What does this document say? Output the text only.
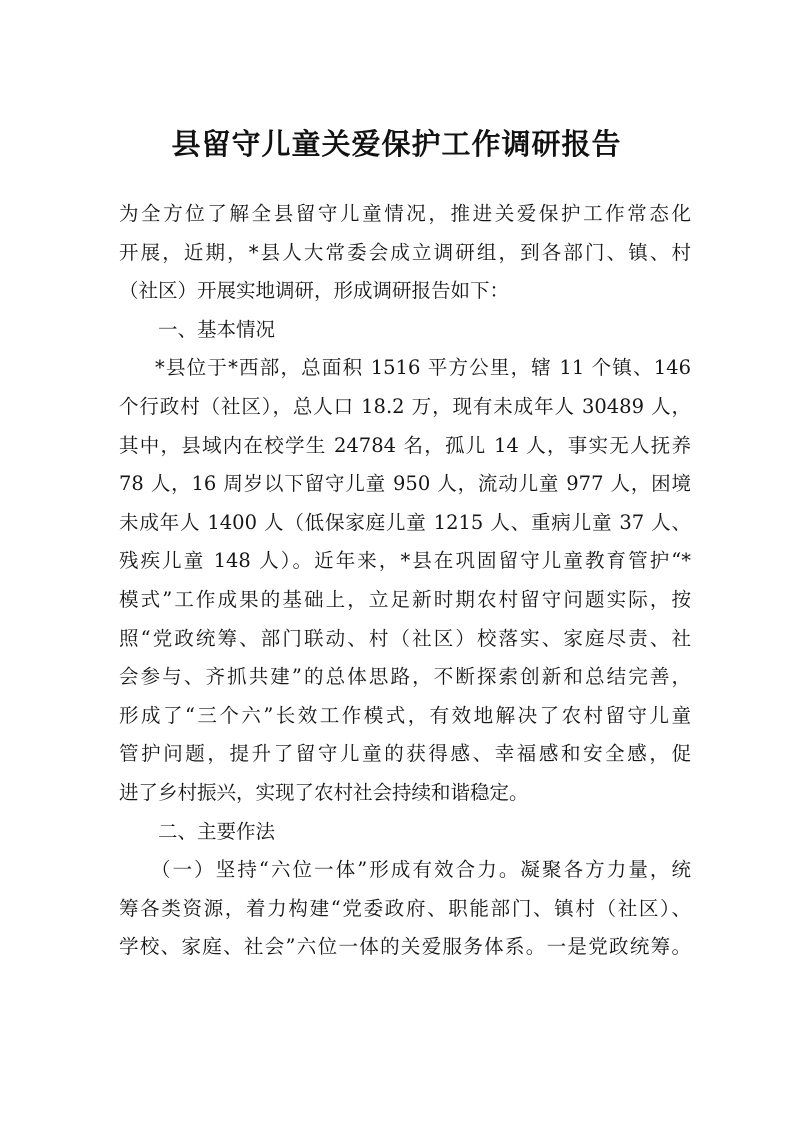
县留守儿童关爱保护工作调研报告
为全方位了解全县留守儿童情况，推进关爱保护工作常态化
开展，近期，*县人大常委会成立调研组，到各部门、镇、村
（社区）开展实地调研，形成调研报告如下：
一、基本情况
*县位于*西部，总面积 1516 平方公里，辖 11 个镇、146
个行政村（社区），总人口 18.2 万，现有未成年人 30489 人，
其中，县域内在校学生 24784 名，孤儿 14 人，事实无人抚养
78 人，16 周岁以下留守儿童 950 人，流动儿童 977 人，困境
未成年人 1400 人（低保家庭儿童 1215 人、重病儿童 37 人、
残疾儿童 148 人）。近年来，*县在巩固留守儿童教育管护“*
模式”工作成果的基础上，立足新时期农村留守问题实际，按
照“党政统筹、部门联动、村（社区）校落实、家庭尽责、社
会参与、齐抓共建”的总体思路，不断探索创新和总结完善，
形成了“三个六”长效工作模式，有效地解决了农村留守儿童
管护问题，提升了留守儿童的获得感、幸福感和安全感，促
进了乡村振兴，实现了农村社会持续和谐稳定。
二、主要作法
（一）坚持“六位一体”形成有效合力。凝聚各方力量，统
筹各类资源，着力构建“党委政府、职能部门、镇村（社区）、
学校、家庭、社会”六位一体的关爱服务体系。一是党政统筹。
